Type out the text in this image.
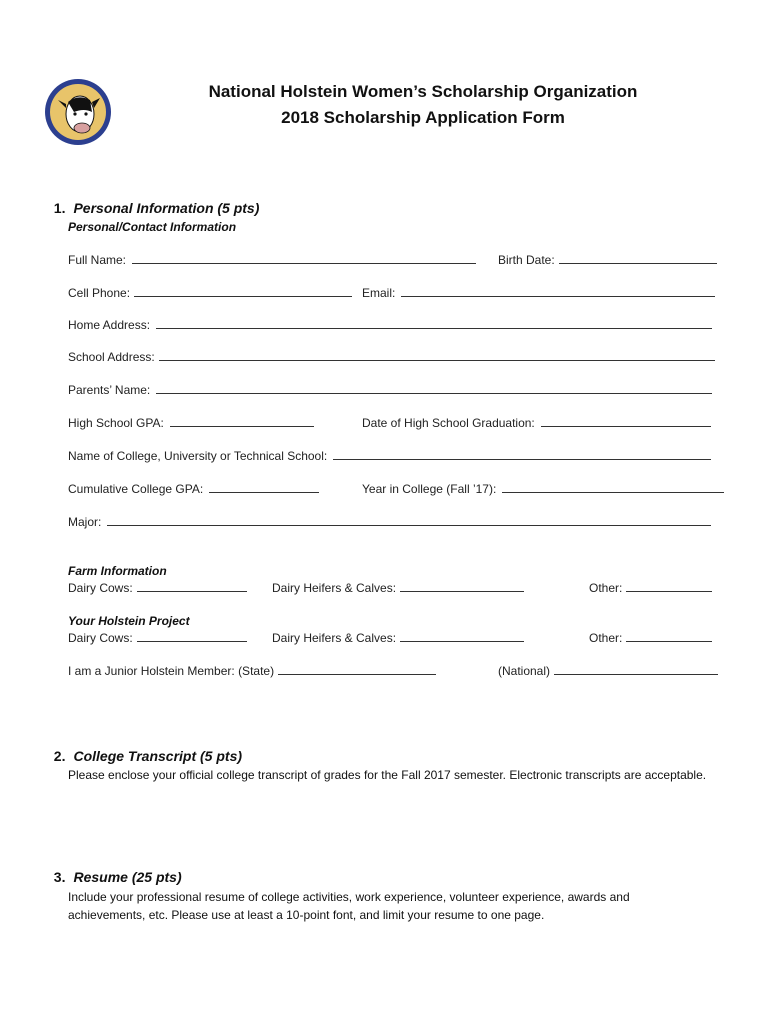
National Holstein Women’s Scholarship Organization
2018 Scholarship Application Form

1. Personal Information (5 pts)

Personal/Contact Information
Full Name:	Birth Date:
Cell Phone:	Email:
Home Address:
School Address:
Parents’ Name:
High School GPA:	Date of High School Graduation:
Name of College, University or Technical School:
Cumulative College GPA:	Year in College (Fall ’17):
Major:
Farm Information
Dairy Cows:	Dairy Heifers & Calves:	Other:
Your Holstein Project
Dairy Cows:	Dairy Heifers & Calves:	Other:
I am a Junior Holstein Member: (State)	(National)

2. College Transcript (5 pts)

Please enclose your official college transcript of grades for the Fall 2017 semester. Electronic transcripts are acceptable.

3. Resume (25 pts)

Include your professional resume of college activities, work experience, volunteer experience, awards and achievements, etc. Please use at least a 10-point font, and limit your resume to one page.
